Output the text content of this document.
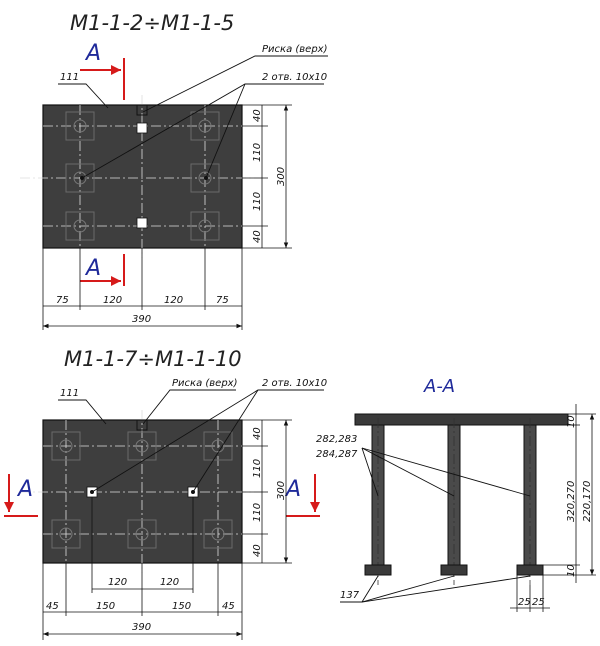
М1-1-2÷М1-1-5
А
А
111
Риска (верх)
2 отв. 10х10
40
110
110
40
300
75	120	120	75
390
М1-1-7÷М1-1-10
А	А
111
Риска (верх) 2 отв. 10х10
40
110
110
40
300
120	120
45	150	150	45
390
А-А
282,283
284,287
137
10
320,270 220,170
10
25 25
